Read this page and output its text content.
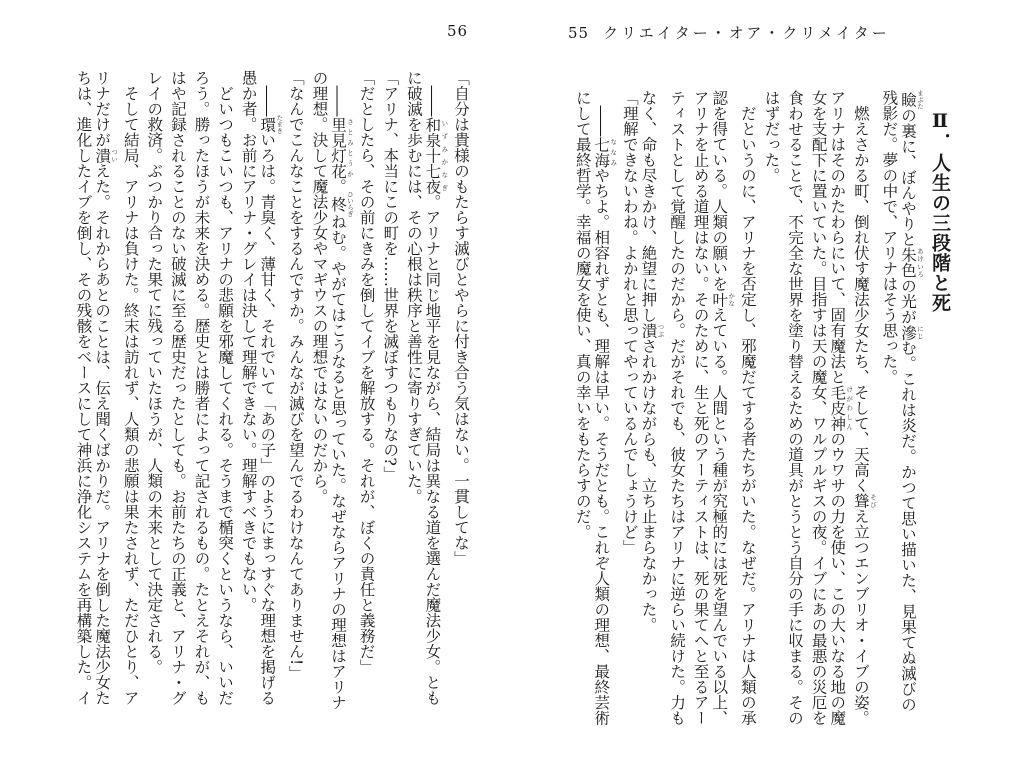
56	55 クリエイター・オア・クリメイター
Ⅱ．人生の三段階と死
瞼 まぶたの裏に、ぼんやりと朱色 あけいろの光が滲 にじむ。これは炎だ。かつて思い描いた、見果てぬ滅びの
残影だ。夢の中で、アリナはそう思った。
　燃えさかる町、倒れ伏す魔法少女たち、そして、天高く聳 そびえ立つエンブリオ・イブの姿。
アリナはそのかたわらにいて、固有魔法と毛皮神 けがわしんのウワサの力を使い、この大いなる地の魔
女を支配下に置いていた。目指すは天の魔女、ワルプルギスの夜。イブにあの最悪の災厄を
食わせることで、不完全な世界を塗り替えるための道具がとうとう自分の手に収まる。その
はずだった。
　だというのに、アリナを否定し、邪魔だてする者たちがいた。なぜだ。アリナは人類の承
認を得ている。人類の願いを叶 かなえている。人間という種が究極的には死を望んでいる以上、
アリナを止める道理はない。そのために、生と死のアーティストは、死の果てへと至るアー
ティストとして覚醒したのだから。だがそれでも、彼女たちはアリナに逆らい続けた。力も
なく、命も尽きかけ、絶望に押し潰 つぶされかけながらも、立ち止まらなかった。
「理解できないわね。よかれと思ってやっているんでしょうけど」
　――七海 ななみやちよ。相容れずとも、理解は早い。そうだとも。これぞ人類の理想、最終芸術
にして最終哲学。幸福の魔女を使い、真の幸いをもたらすのだ。
「自分は貴様のもたらす滅びとやらに付き合う気はない。一貫してな」
　――和泉十七夜 いずみかなぎ。アリナと同じ地平を見ながら、結局は異なる道を選んだ魔法少女。とも
に破滅を歩むには、その心根は秩序と善性に寄りすぎていた。
「アリナ、本当にこの町を……世界を滅ぼすつもりなの?」
「だとしたら、その前にきみを倒してイブを解放する。それが、ぼくの責任と義務だ」
　――里見灯花 さとみとうか。柊 ひいらぎねむ。やがてはこうなると思っていた。なぜならアリナの理想はアリナ
の理想。決して魔法少女やマギウスの理想ではないのだから。
「なんでこんなことをするんですか。みんなが滅びを望んでるわけなんてありません!」
　――環 たまきいろは。青臭く、薄甘く、それでいて「あの子」のようにまっすぐな理想を掲げる
愚か者。お前にアリナ・グレイは決して理解できない。理解すべきでもない。
　どいつもこいつも、アリナの悲願を邪魔してくれる。そうまで楯突くというなら、いいだ
ろう。勝ったほうが未来を決める。歴史とは勝者によって記されるもの。たとえそれが、も
はや記録されることのない破滅に至る歴史だったとしても。お前たちの正義と、アリナ・グ
レイの救済。ぶつかり合った果てに残っていたほうが、人類の未来として決定される。
　そして結局、アリナは負けた。終末は訪れず、人類の悲願は果たされず、ただひとり、ア
リナだけが潰 ついえた。それからあとのことは、伝え聞くばかりだ。アリナを倒した魔法少女た
ちは、進化したイブを倒し、その残骸をベースにして神浜に浄化システムを再構築した。イ
